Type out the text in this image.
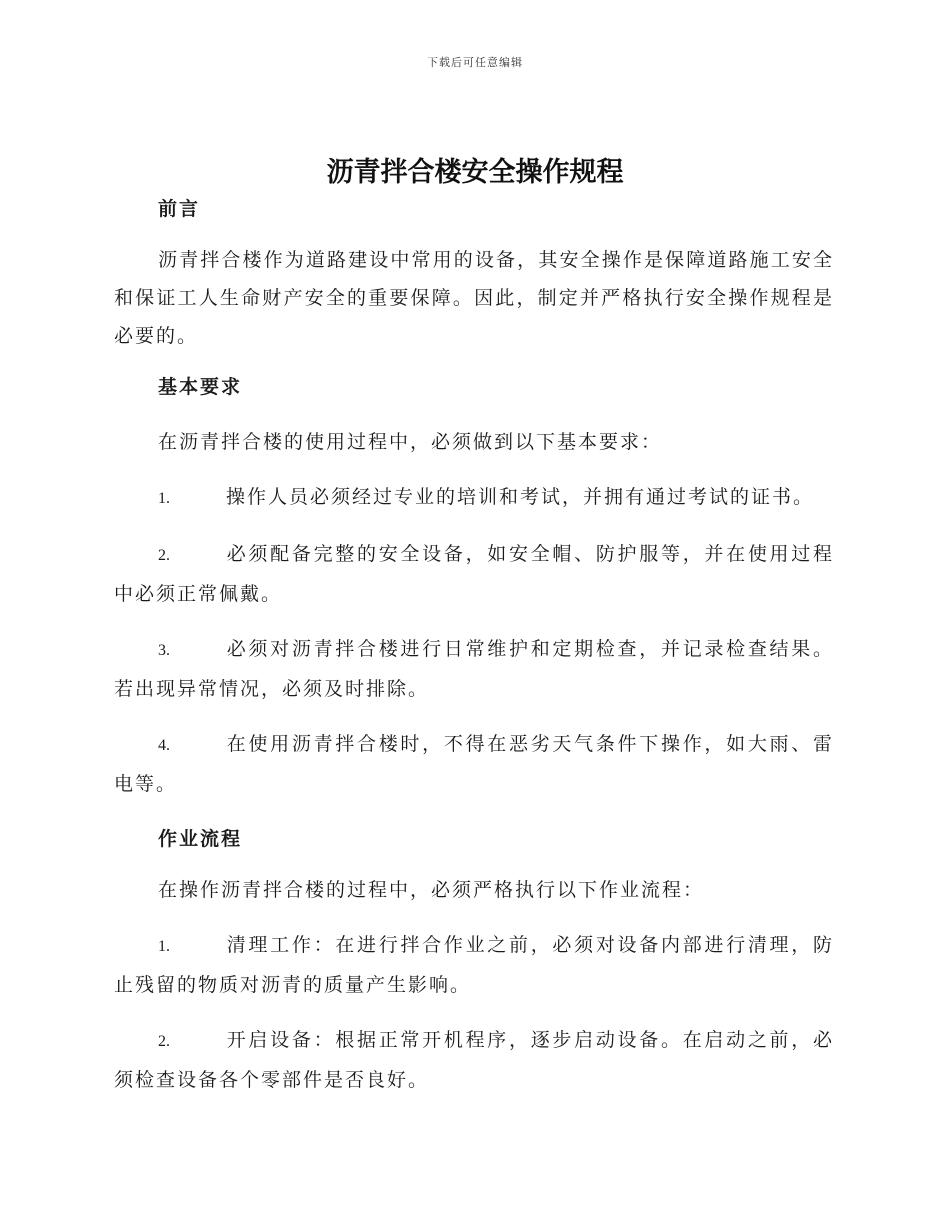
下载后可任意编辑
沥青拌合楼安全操作规程
前言

沥青拌合楼作为道路建设中常用的设备，其安全操作是保障道路施工安全和保证工人生命财产安全的重要保障。因此，制定并严格执行安全操作规程是必要的。

基本要求

在沥青拌合楼的使用过程中，必须做到以下基本要求：

1.	操作人员必须经过专业的培训和考试，并拥有通过考试的证书。

2.	必须配备完整的安全设备，如安全帽、防护服等，并在使用过程中必须正常佩戴。

3.	必须对沥青拌合楼进行日常维护和定期检查，并记录检查结果。若出现异常情况，必须及时排除。

4.	在使用沥青拌合楼时，不得在恶劣天气条件下操作，如大雨、雷电等。

作业流程

在操作沥青拌合楼的过程中，必须严格执行以下作业流程：

1.	清理工作：在进行拌合作业之前，必须对设备内部进行清理，防止残留的物质对沥青的质量产生影响。

2.	开启设备：根据正常开机程序，逐步启动设备。在启动之前，必须检查设备各个零部件是否良好。
